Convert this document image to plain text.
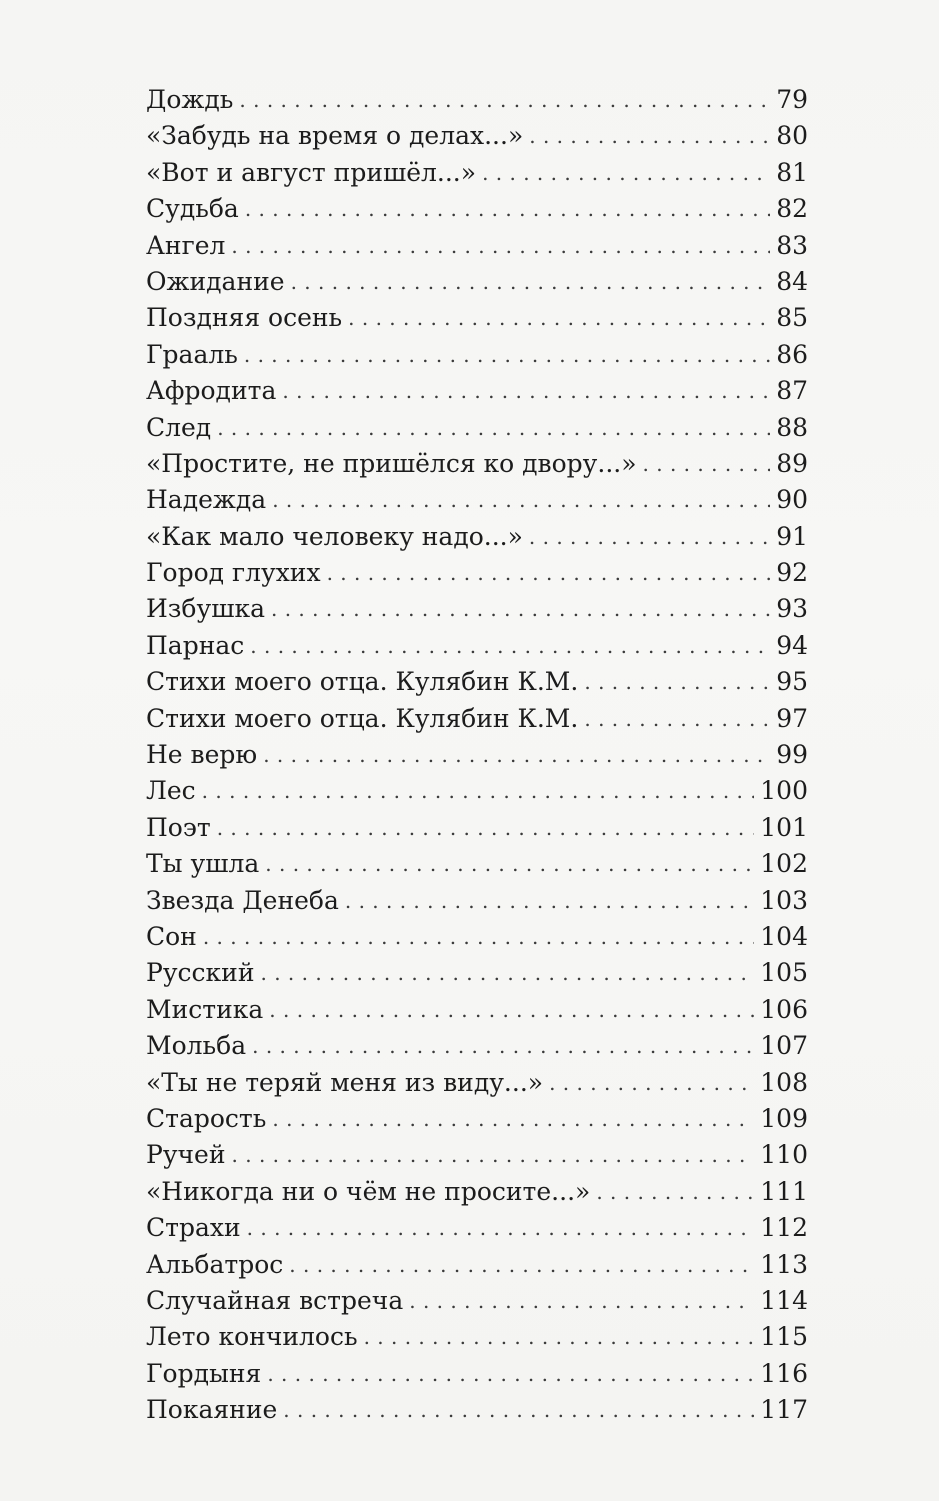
Дождь . . .	79
«Забудь на время о делах...» . . .	80
«Вот и август пришёл...» . . .	81
Судьба . . .	82
Ангел . . .	83
Ожидание . . .	84
Поздняя осень . . .	85
Грааль . . .	86
Афродита . . .	87
След . . .	88
«Простите, не пришёлся ко двору...» . . .	89
Надежда . . .	90
«Как мало человеку надо...» . . .	91
Город глухих . . .	92
Избушка . . .	93
Парнас . . .	94
Стихи моего отца. Кулябин К.М. . . .	95
Стихи моего отца. Кулябин К.М. . . .	97
Не верю . . .	99
Лес . . .	100
Поэт . . .	101
Ты ушла . . .	102
Звезда Денеба . . .	103
Сон . . .	104
Русский . . .	105
Мистика . . .	106
Мольба . . .	107
«Ты не теряй меня из виду...» . . .	108
Старость . . .	109
Ручей . . .	110
«Никогда ни о чём не просите...» . . .	111
Страхи . . .	112
Альбатрос . . .	113
Случайная встреча . . .	114
Лето кончилось . . .	115
Гордыня . . .	116
Покаяние . . .	117
